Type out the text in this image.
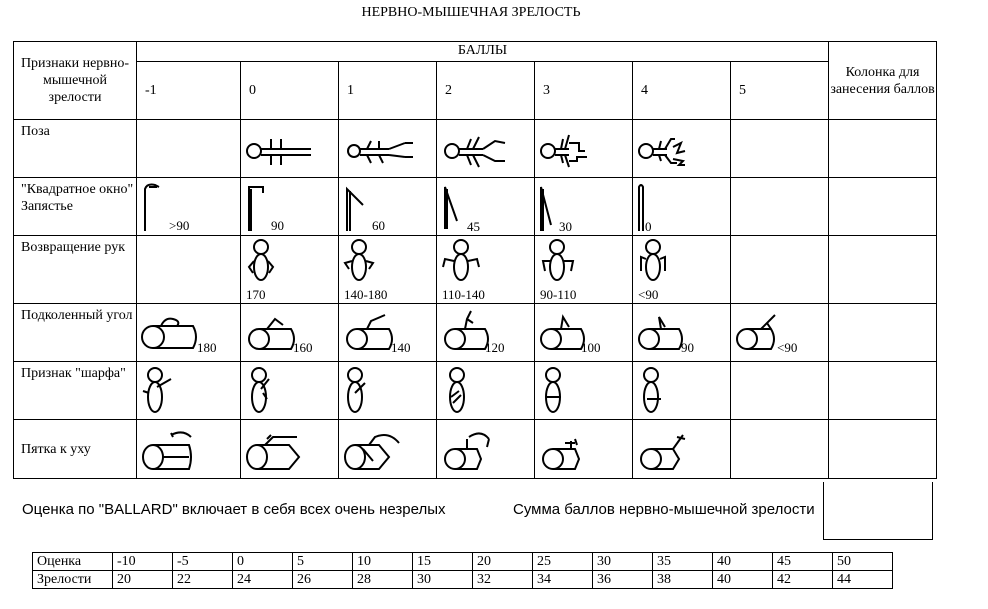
НЕРВНО-МЫШЕЧНАЯ ЗРЕЛОСТЬ
Признаки нервно-мышечной зрелости	БАЛЛЫ							Колонка для занесения баллов
	-1	0	1	2	3	4	5	
Поза		

"Квадратное окно" Запястье	>90	90	60	45	30	0		

Возвращение рук		170	140-180	110-140	90-110	<90		

Подколенный угол	180	160	140	120	100	90	<90	

Признак "шарфа"	

Пятка к уху	

Оценка по "BALLARD" включает в себя всех очень незрелых	Сумма баллов нервно-мышечной зрелости
Оценка	-10	-5	0	5	10	15	20	25	30	35	40	45	50
Зрелости	20	22	24	26	28	30	32	34	36	38	40	42	44
